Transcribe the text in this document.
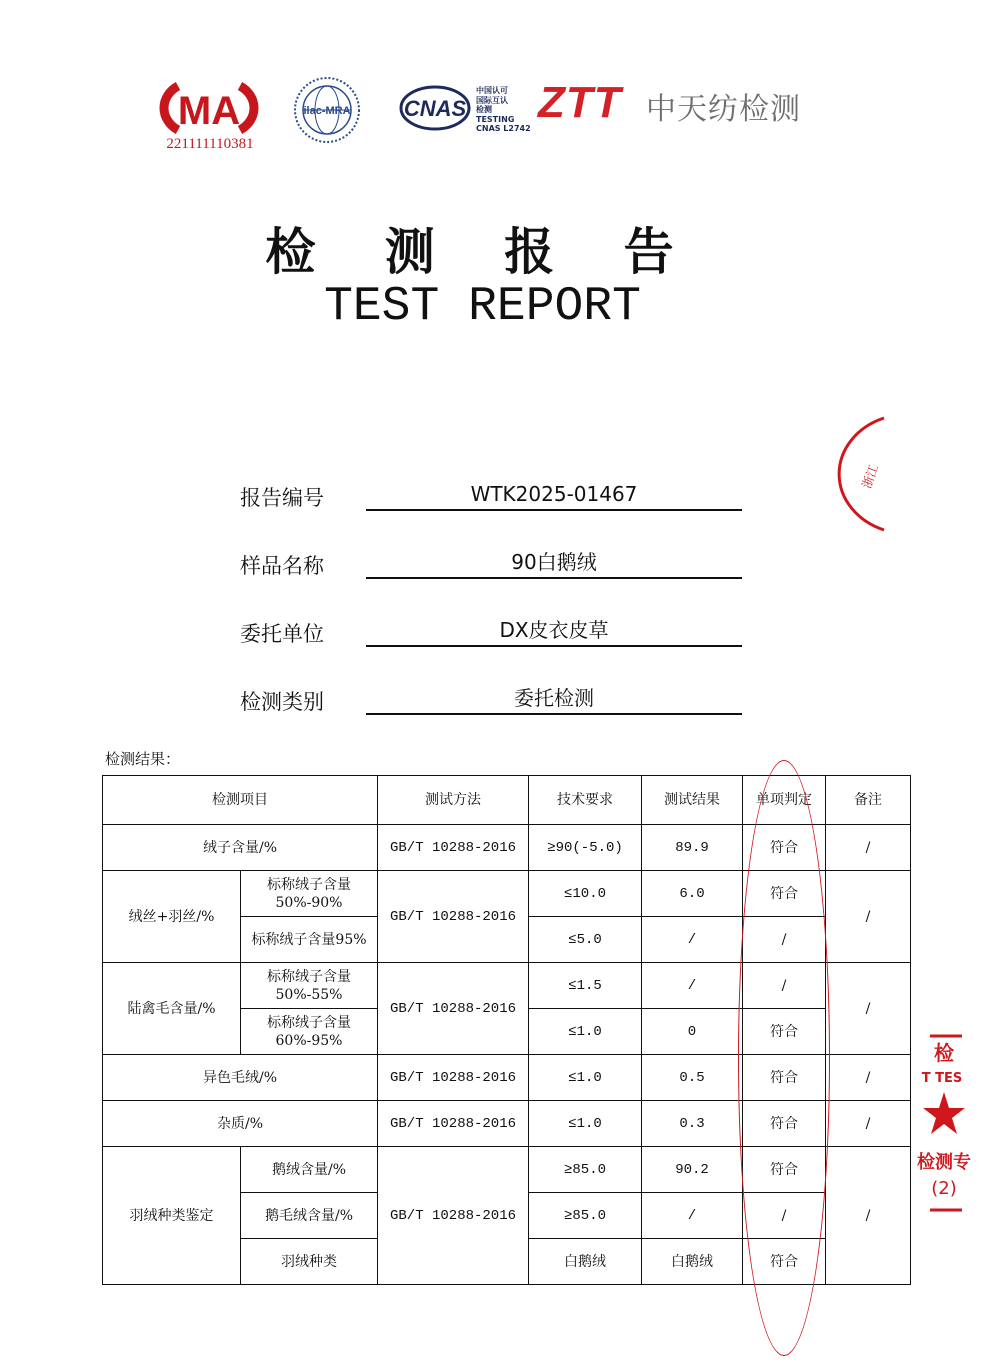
MA
221111110381
ilac-MRA CNAS
中国认可
国际互认
检测
TESTING
CNAS L2742
ZTT 中天纺检测
检 测 报 告
TEST REPORT
报告编号	WTK2025-01467
样品名称	90白鹅绒
委托单位	DX皮衣皮草
检测类别	委托检测
检测结果：
检测项目		测试方法	技术要求	测试结果	单项判定	备注
绒子含量/%		GB/T 10288-2016	≥90(-5.0)	89.9	符合	/
绒丝+羽丝/%	标称绒子含量50%-90%	GB/T 10288-2016	≤10.0	6.0	符合	/
	标称绒子含量95%		≤5.0	/	/	
陆禽毛含量/%	标称绒子含量50%-55%	GB/T 10288-2016	≤1.5	/	/	/
	标称绒子含量60%-95%		≤1.0	0	符合	
异色毛绒/%		GB/T 10288-2016	≤1.0	0.5	符合	/
杂质/%		GB/T 10288-2016	≤1.0	0.3	符合	/
羽绒种类鉴定	鹅绒含量/%	GB/T 10288-2016	≥85.0	90.2	符合	/
	鹅毛绒含量/%		≥85.0	/	/	
	羽绒种类		白鹅绒	白鹅绒	符合	
浙江
检
T TES
检测专
(2)
